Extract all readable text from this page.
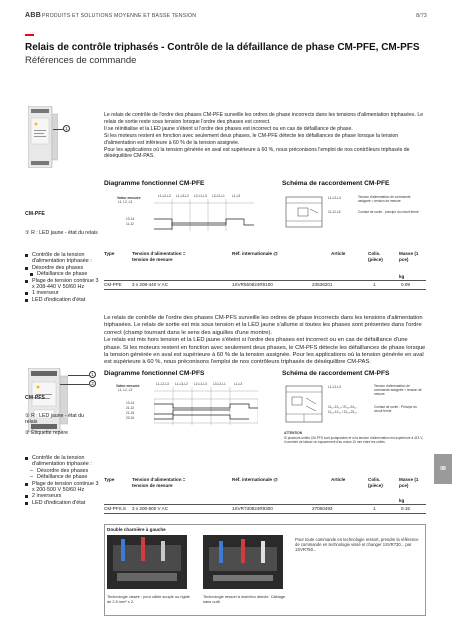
ABB PRODUITS ET SOLUTIONS MOYENNE ET BASSE TENSION	8/73
Relais de contrôle triphasés - Contrôle de la défaillance de phase CM-PFE, CM-PFS
Références de commande
1

Le relais de contrôle de l'ordre des phases CM-PFE surveille les ordres de phase incorrects dans les tensions d'alimentation triphasées. Le relais de sortie reste sous tension lorsque l'ordre des phases est correct.

Il se réinitialise et la LED jaune s'éteint si l'ordre des phases est incorrect ou en cas de défaillance de phase.

Si les moteurs restent en fonction avec seulement deux phases, le CM-PFE détecte les défaillances de phase lorsque la tension d'alimentation est inférieure à 60 % de la tension assignée.

Pour les applications où la tension générée en aval est supérieure à 60 %, nous préconisons l'emploi de nos contrôleurs triphasés de déséquilibre CM-PAS.

Diagramme fonctionnel CM-PFE	Schéma de raccordement CM-PFE
Valeur mesurée
L1, L2, L3
L1-L2-L3 L1-L3-L2 L2-L1-L3 L3-L2-L1 L1-L3
13-14
11-12
L1-L2-L3
11-12-14
Tension d'alimentation de commande assignée = tension de mesure
Contact de sortie - principe du circuit fermé
CM-PFE
① R : LED jaune - état du relais
Contrôle de la tension d'alimentation triphasée :
Désordre des phases
Défaillance de phase
Plage de tension continue 3 x 208-440 V 50/60 Hz
1 inverseur
LED d'indication d'état
Type	Tension d'alimentation = tension de mesure
Réf. internationale @	Article	Colis. (pièce)
Masse (1 pce)
kg
CM-PFE 3 x 208-440 V AC	1SVR550824R9100	23536201	1	0.09

Le relais de contrôle de l'ordre des phases CM-PFS surveille les ordres de phase incorrects dans les tensions d'alimentation triphasées. Le relais de sortie est mis sous tension et la LED jaune s'allume si toutes les phases sont présentes dans l'ordre correct (champ tournant dans le sens des aiguilles d'une montre).

Le relais est mis hors tension et la LED jaune s'éteint si l'ordre des phases est incorrect ou en cas de défaillance d'une phase. Si les moteurs restent en fonction avec seulement deux phases, le CM-PFS détecte les défaillances de phase lorsque la tension générée en aval est supérieure à 60 % de la tension assignée. Pour les applications où la tension générée en aval est supérieure à 60 %, nous préconisons l'emploi de nos contrôleurs triphasés de déséquilibre CM-PAS.

1
2
Diagramme fonctionnel CM-PFS	Schéma de raccordement CM-PFS
Valeur mesurée
L1, L2, L3
L1-L2-L3 L1-L3-L2 L2-L1-L3 L3-L2-L1	L1-L3
13-14
21-22
21-24
23-24
L1-L2-L3
11₁₂-12₁₄ / 21₂₂-24₂₄
11₂₄-12₂₂ / 21₂₄-22₂₂
Tension d'alimentation de commande assignée = tension de mesure
Contact de sortie - Principe du circuit fermé
ATTENTION
Si plusieurs unités CM-PFS sont juxtaposées et si la tension d'alimentation est supérieure à 415 V, il convient de laisser un espacement d'au moins 10 mm entre les unités.
CM-PFS
① R : LED jaune - état du relais
② Étiquette repère
Contrôle de la tension d'alimentation triphasée :
– Désordre des phases
– Défaillance de phase
Plage de tension continue 3 x 200-500 V 50/60 Hz
2 inverseurs
LED d'indication d'état
08
Type	Tension d'alimentation = tension de mesure
Réf. internationale @	Article	Colis. (pièce)
Masse (1 pce)
kg
CM-PFS.S 3 x 200-500 V AC	1SVR730824R9300	27060493	1	0.15
Double charnière à gauche
Pour toute commande en technologie ressort, prendre la référence de commande en technologie vissé et changer 1SVR730... par 1SVR750...
Technologie vissée : pour câble souple ou rigide de 2.5 mm² x 2.
Technologie ressort à insertion directe. Câblage sans outil.
